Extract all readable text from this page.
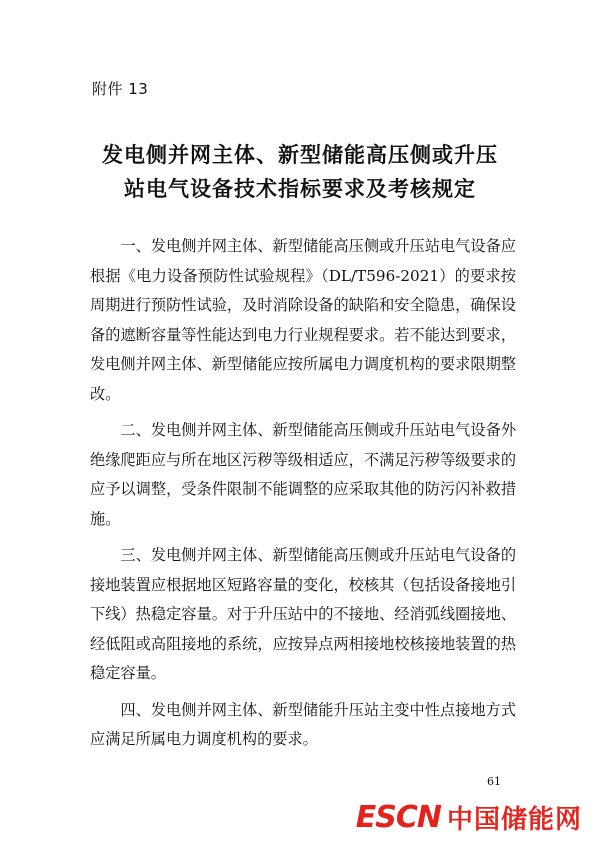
附件 13
发电侧并网主体、新型储能高压侧或升压
站电气设备技术指标要求及考核规定

一、发电侧并网主体、新型储能高压侧或升压站电气设备应根据《电力设备预防性试验规程》（DL/T596-2021）的要求按周期进行预防性试验，及时消除设备的缺陷和安全隐患，确保设备的遮断容量等性能达到电力行业规程要求。若不能达到要求，发电侧并网主体、新型储能应按所属电力调度机构的要求限期整改。

二、发电侧并网主体、新型储能高压侧或升压站电气设备外绝缘爬距应与所在地区污秽等级相适应，不满足污秽等级要求的应予以调整，受条件限制不能调整的应采取其他的防污闪补救措施。

三、发电侧并网主体、新型储能高压侧或升压站电气设备的接地装置应根据地区短路容量的变化，校核其（包括设备接地引下线）热稳定容量。对于升压站中的不接地、经消弧线圈接地、经低阻或高阻接地的系统，应按异点两相接地校核接地装置的热稳定容量。

四、发电侧并网主体、新型储能升压站主变中性点接地方式应满足所属电力调度机构的要求。

61
ESCN 中国储能网
